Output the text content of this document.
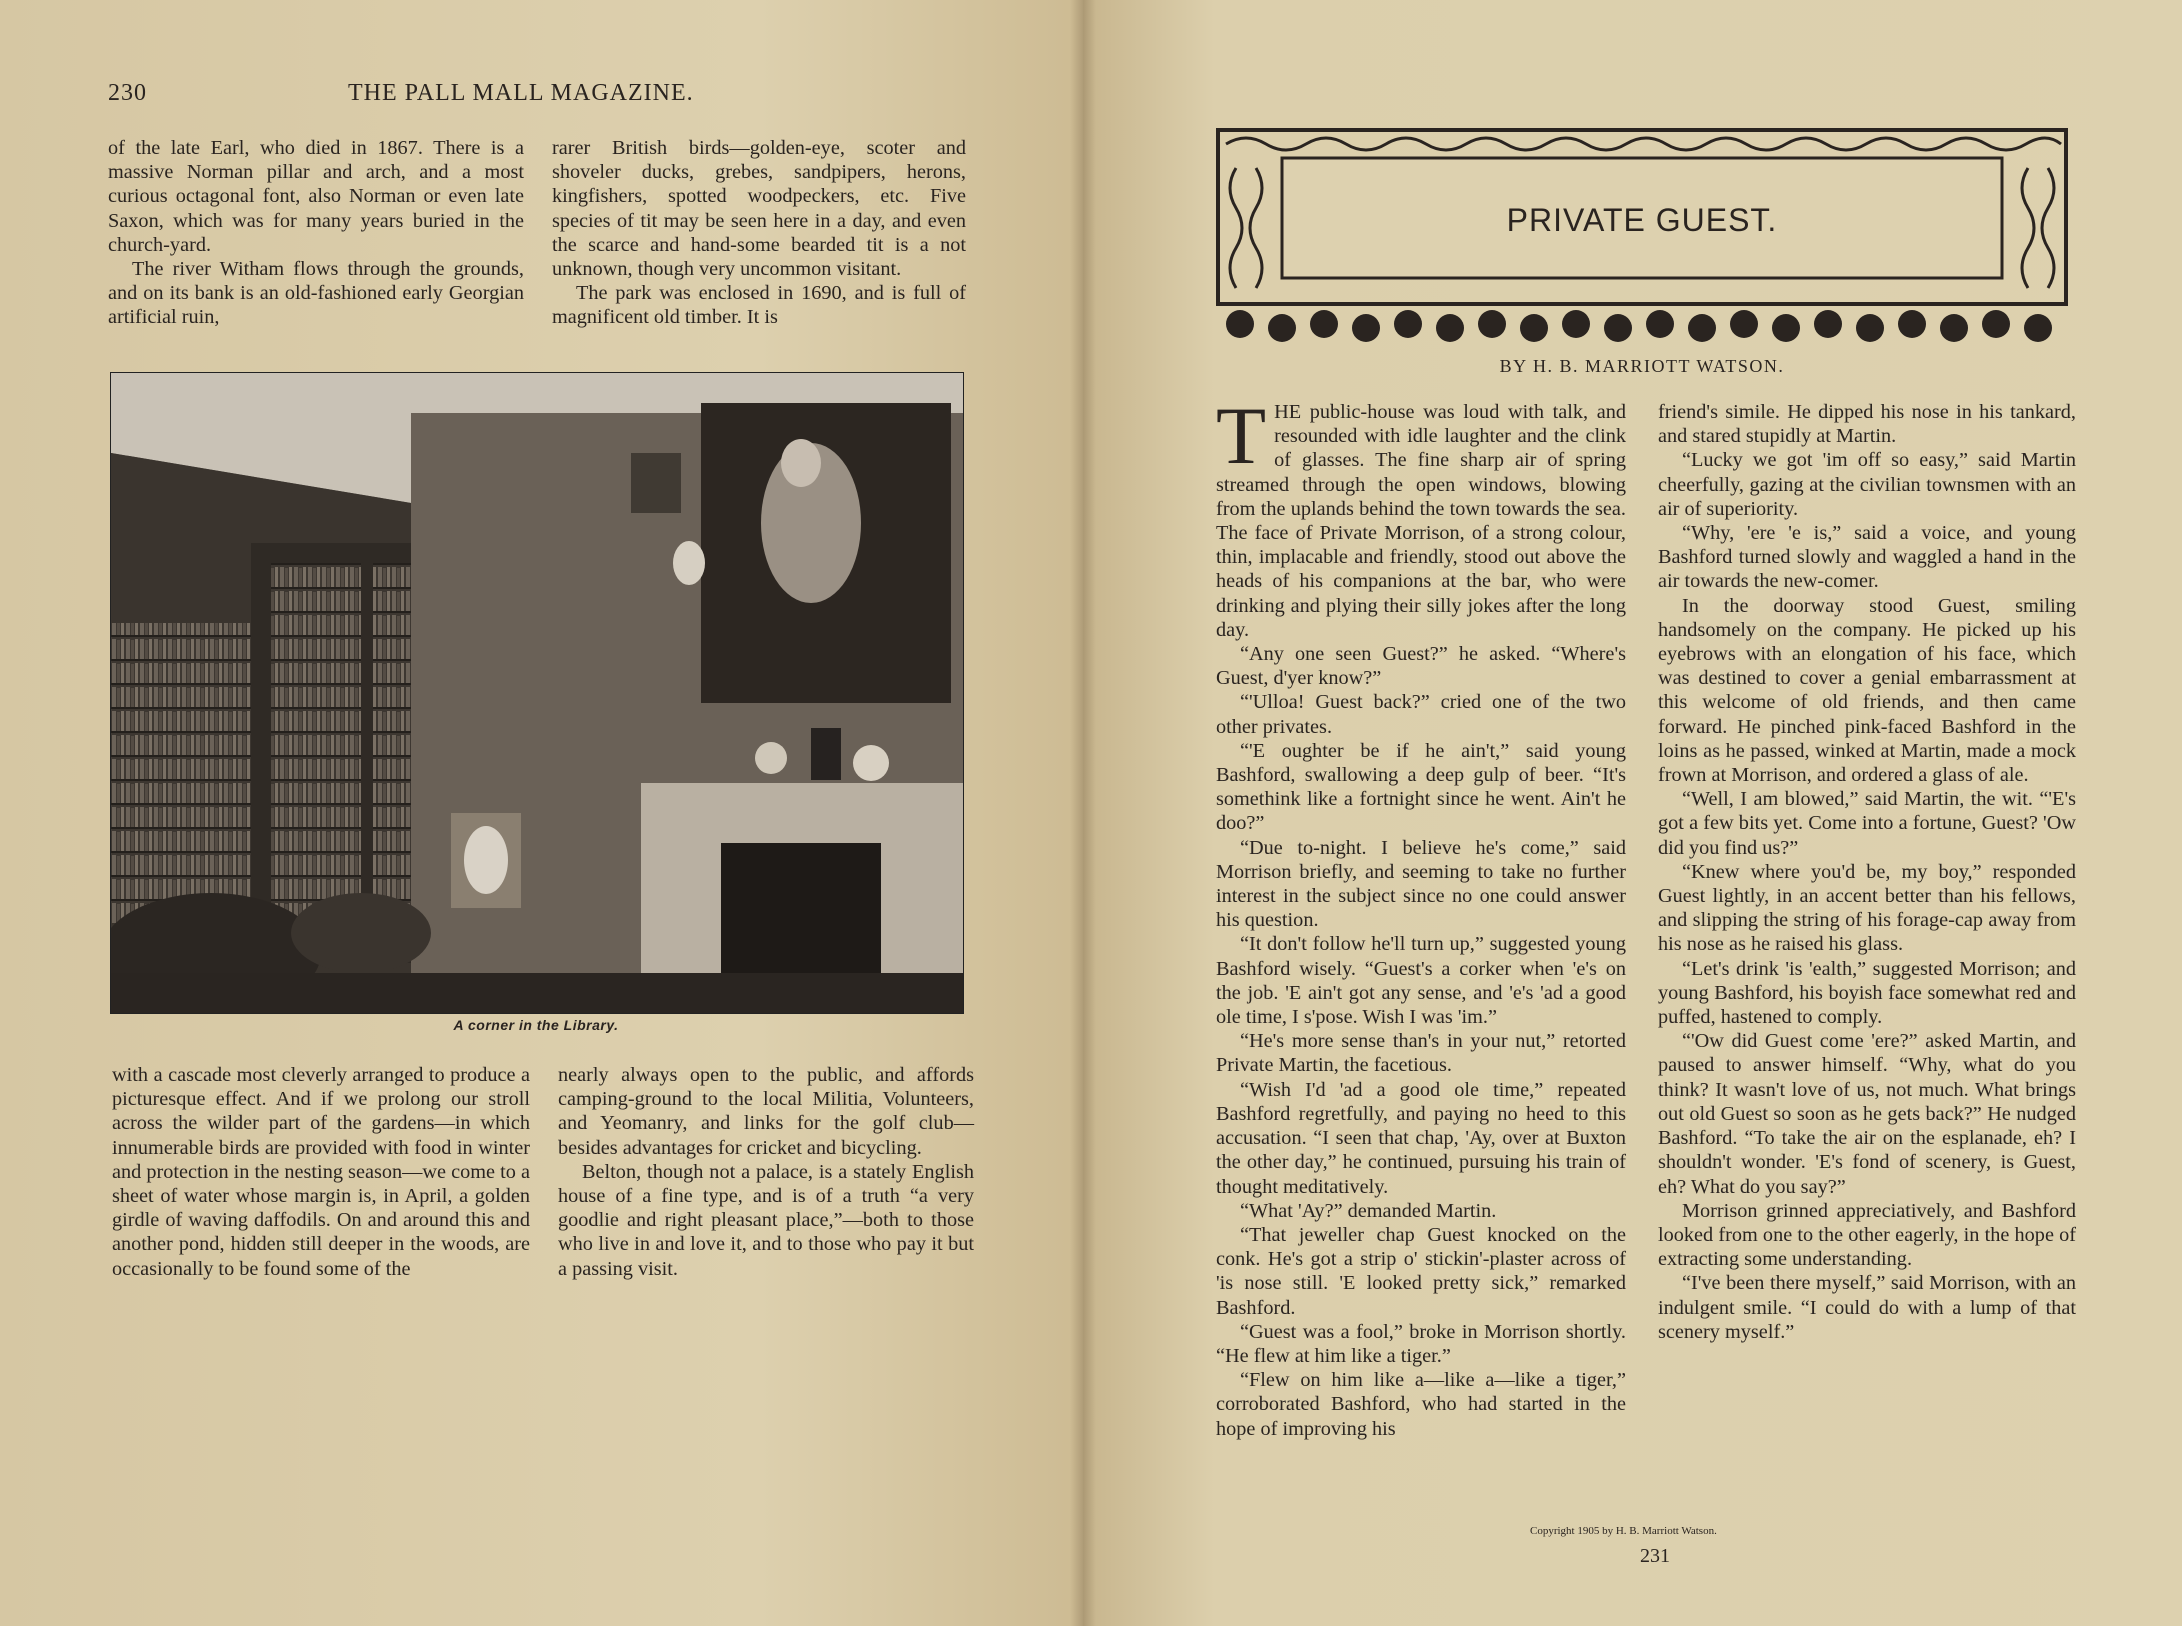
230	THE PALL MALL MAGAZINE.

of the late Earl, who died in 1867. There is a massive Norman pillar and arch, and a most curious octagonal font, also Norman or even late Saxon, which was for many years buried in the church-yard.

The river Witham flows through the grounds, and on its bank is an old-fashioned early Georgian artificial ruin,

rarer British birds—golden-eye, scoter and shoveler ducks, grebes, sandpipers, herons, kingfishers, spotted woodpeckers, etc. Five species of tit may be seen here in a day, and even the scarce and hand-some bearded tit is a not unknown, though very uncommon visitant.

The park was enclosed in 1690, and is full of magnificent old timber. It is

A corner in the Library.

with a cascade most cleverly arranged to produce a picturesque effect. And if we prolong our stroll across the wilder part of the gardens—in which innumerable birds are provided with food in winter and protection in the nesting season—we come to a sheet of water whose margin is, in April, a golden girdle of waving daffodils. On and around this and another pond, hidden still deeper in the woods, are occasionally to be found some of the

nearly always open to the public, and affords camping-ground to the local Militia, Volunteers, and Yeomanry, and links for the golf club—besides advantages for cricket and bicycling.

Belton, though not a palace, is a stately English house of a fine type, and is of a truth “a very goodlie and right pleasant place,”—both to those who live in and love it, and to those who pay it but a passing visit.

PRIVATE GUEST.
BY H. B. MARRIOTT WATSON.

THE public-house was loud with talk, and resounded with idle laughter and the clink of glasses. The fine sharp air of spring streamed through the open windows, blowing from the uplands behind the town towards the sea. The face of Private Morrison, of a strong colour, thin, implacable and friendly, stood out above the heads of his companions at the bar, who were drinking and plying their silly jokes after the long day.

“Any one seen Guest?” he asked. “Where's Guest, d'yer know?”

“'Ulloa! Guest back?” cried one of the two other privates.

“'E oughter be if he ain't,” said young Bashford, swallowing a deep gulp of beer. “It's somethink like a fortnight since he went. Ain't he doo?”

“Due to-night. I believe he's come,” said Morrison briefly, and seeming to take no further interest in the subject since no one could answer his question.

“It don't follow he'll turn up,” suggested young Bashford wisely. “Guest's a corker when 'e's on the job. 'E ain't got any sense, and 'e's 'ad a good ole time, I s'pose. Wish I was 'im.”

“He's more sense than's in your nut,” retorted Private Martin, the facetious.

“Wish I'd 'ad a good ole time,” repeated Bashford regretfully, and paying no heed to this accusation. “I seen that chap, 'Ay, over at Buxton the other day,” he continued, pursuing his train of thought meditatively.

“What 'Ay?” demanded Martin.

“That jeweller chap Guest knocked on the conk. He's got a strip o' stickin'-plaster across of 'is nose still. 'E looked pretty sick,” remarked Bashford.

“Guest was a fool,” broke in Morrison shortly. “He flew at him like a tiger.”

“Flew on him like a—like a—like a tiger,” corroborated Bashford, who had started in the hope of improving his

friend's simile. He dipped his nose in his tankard, and stared stupidly at Martin.

“Lucky we got 'im off so easy,” said Martin cheerfully, gazing at the civilian townsmen with an air of superiority.

“Why, 'ere 'e is,” said a voice, and young Bashford turned slowly and waggled a hand in the air towards the new-comer.

In the doorway stood Guest, smiling handsomely on the company. He picked up his eyebrows with an elongation of his face, which was destined to cover a genial embarrassment at this welcome of old friends, and then came forward. He pinched pink-faced Bashford in the loins as he passed, winked at Martin, made a mock frown at Morrison, and ordered a glass of ale.

“Well, I am blowed,” said Martin, the wit. “'E's got a few bits yet. Come into a fortune, Guest? 'Ow did you find us?”

“Knew where you'd be, my boy,” responded Guest lightly, in an accent better than his fellows, and slipping the string of his forage-cap away from his nose as he raised his glass.

“Let's drink 'is 'ealth,” suggested Morrison; and young Bashford, his boyish face somewhat red and puffed, hastened to comply.

“'Ow did Guest come 'ere?” asked Martin, and paused to answer himself. “Why, what do you think? It wasn't love of us, not much. What brings out old Guest so soon as he gets back?” He nudged Bashford. “To take the air on the esplanade, eh? I shouldn't wonder. 'E's fond of scenery, is Guest, eh? What do you say?”

Morrison grinned appreciatively, and Bashford looked from one to the other eagerly, in the hope of extracting some understanding.

“I've been there myself,” said Morrison, with an indulgent smile. “I could do with a lump of that scenery myself.”

Copyright 1905 by H. B. Marriott Watson.
231
